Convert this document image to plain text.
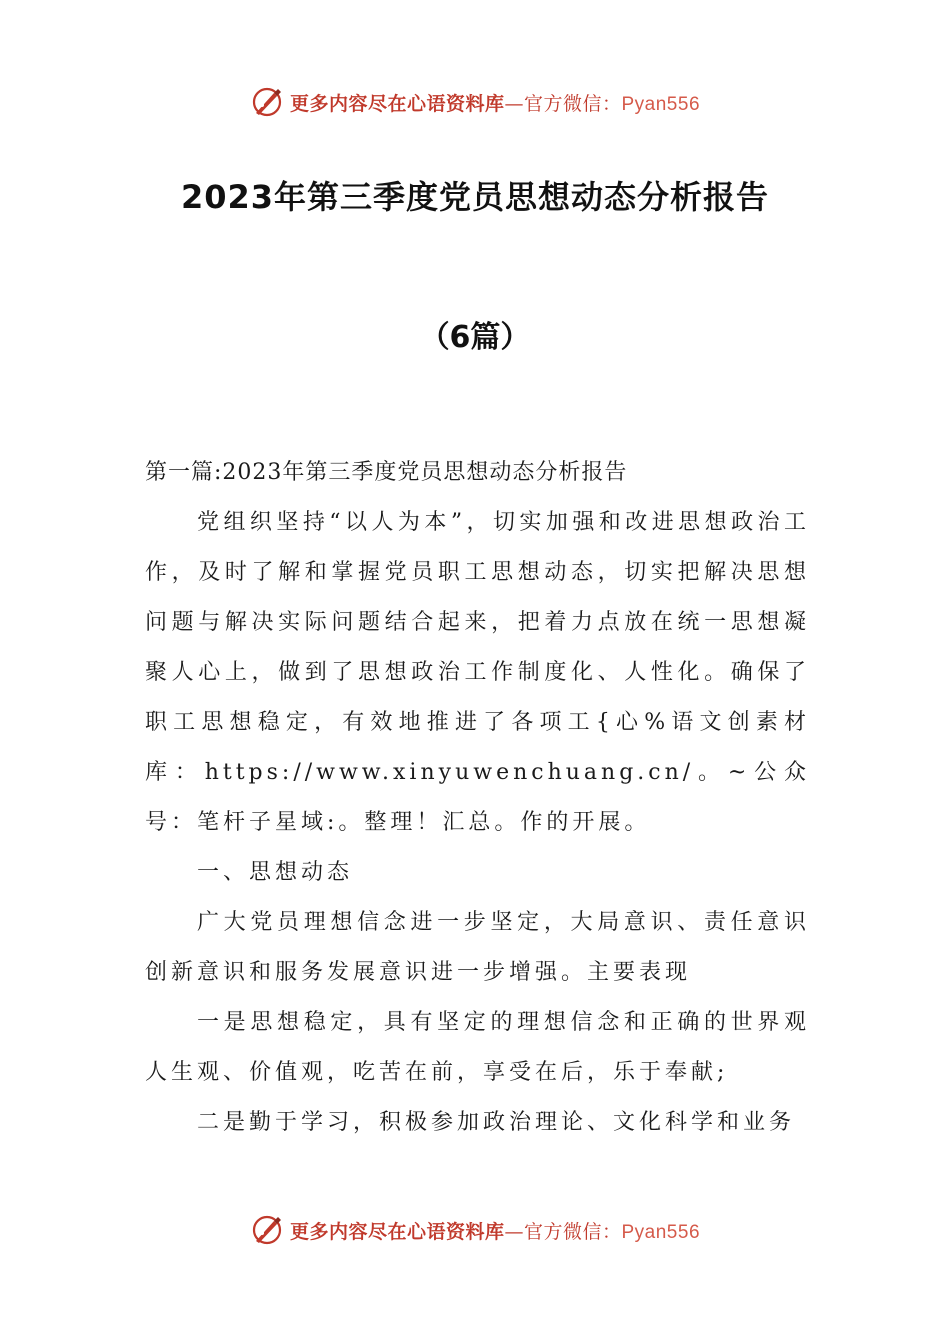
更多内容尽在心语资料库—官方微信：Pyan556
2023年第三季度党员思想动态分析报告
（6篇）

第一篇:2023年第三季度党员思想动态分析报告

党组织坚持“以人为本”，切实加强和改进思想政治工作，及时了解和掌握党员职工思想动态，切实把解决思想问题与解决实际问题结合起来，把着力点放在统一思想凝聚人心上，做到了思想政治工作制度化、人性化。确保了职工思想稳定，有效地推进了各项工{心%语文创素材库：https://www.xinyuwenchuang.cn/。~公众号：笔杆子星域:。整理！汇总。作的开展。

一、思想动态

广大党员理想信念进一步坚定，大局意识、责任意识创新意识和服务发展意识进一步增强。主要表现

一是思想稳定，具有坚定的理想信念和正确的世界观人生观、价值观，吃苦在前，享受在后，乐于奉献;

二是勤于学习，积极参加政治理论、文化科学和业务

更多内容尽在心语资料库—官方微信：Pyan556
